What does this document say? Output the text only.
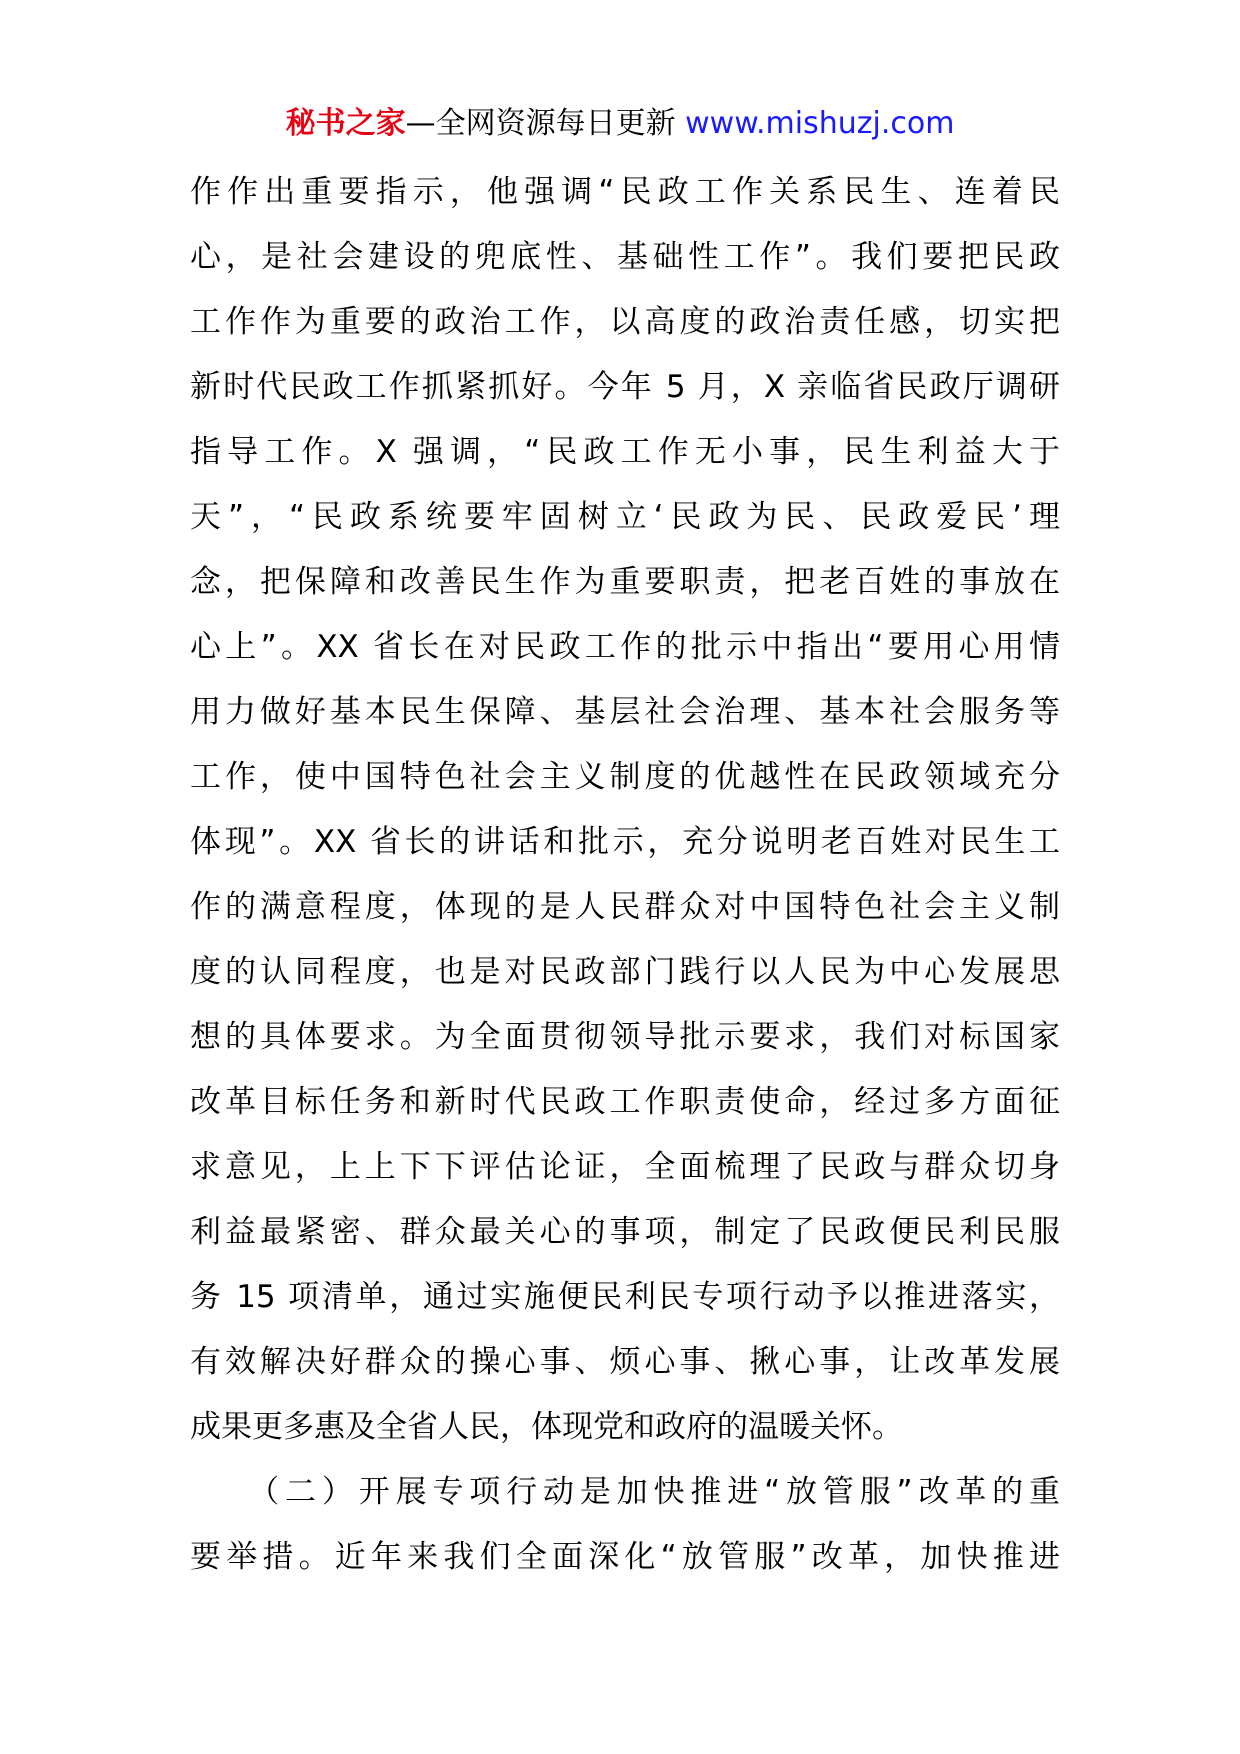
秘书之家—全网资源每日更新 www.mishuzj.com
作作出重要指示，他强调“民政工作关系民生、连着民
心，是社会建设的兜底性、基础性工作”。我们要把民政
工作作为重要的政治工作，以高度的政治责任感，切实把
新时代民政工作抓紧抓好。今年 5 月，X 亲临省民政厅调研
指导工作。X 强调，“民政工作无小事，民生利益大于
天”，“民政系统要牢固树立‘民政为民、民政爱民’理
念，把保障和改善民生作为重要职责，把老百姓的事放在
心上”。XX 省长在对民政工作的批示中指出“要用心用情
用力做好基本民生保障、基层社会治理、基本社会服务等
工作，使中国特色社会主义制度的优越性在民政领域充分
体现”。XX 省长的讲话和批示，充分说明老百姓对民生工
作的满意程度，体现的是人民群众对中国特色社会主义制
度的认同程度，也是对民政部门践行以人民为中心发展思
想的具体要求。为全面贯彻领导批示要求，我们对标国家
改革目标任务和新时代民政工作职责使命，经过多方面征
求意见，上上下下评估论证，全面梳理了民政与群众切身
利益最紧密、群众最关心的事项，制定了民政便民利民服
务 15 项清单，通过实施便民利民专项行动予以推进落实，
有效解决好群众的操心事、烦心事、揪心事，让改革发展
成果更多惠及全省人民，体现党和政府的温暖关怀。
　　（二）开展专项行动是加快推进“放管服”改革的重
要举措。近年来我们全面深化“放管服”改革，加快推进
